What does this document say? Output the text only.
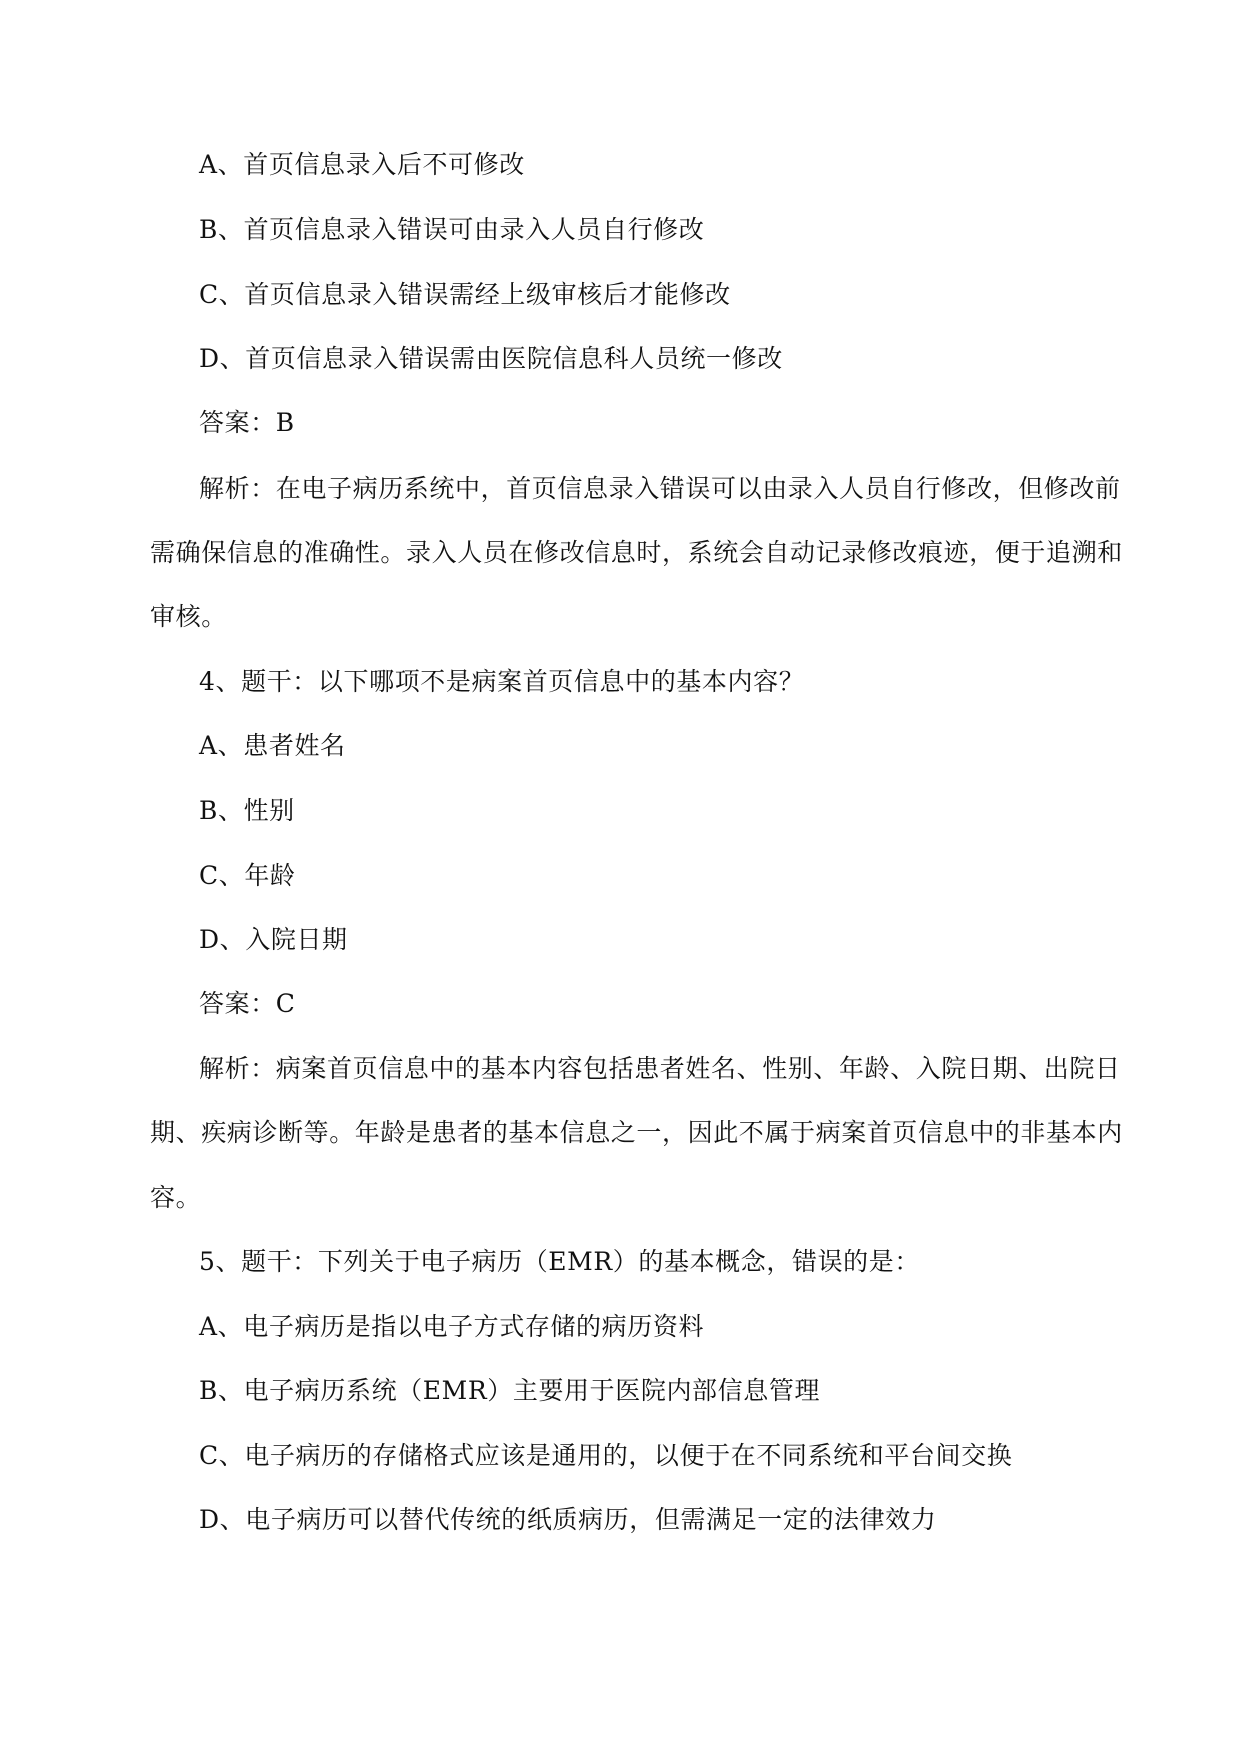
A、首页信息录入后不可修改
B、首页信息录入错误可由录入人员自行修改
C、首页信息录入错误需经上级审核后才能修改
D、首页信息录入错误需由医院信息科人员统一修改
答案：B
解析：在电子病历系统中，首页信息录入错误可以由录入人员自行修改，但修改前
需确保信息的准确性。录入人员在修改信息时，系统会自动记录修改痕迹，便于追溯和
审核。
4、题干：以下哪项不是病案首页信息中的基本内容？
A、患者姓名
B、性别
C、年龄
D、入院日期
答案：C
解析：病案首页信息中的基本内容包括患者姓名、性别、年龄、入院日期、出院日
期、疾病诊断等。年龄是患者的基本信息之一，因此不属于病案首页信息中的非基本内
容。
5、题干：下列关于电子病历（EMR）的基本概念，错误的是：
A、电子病历是指以电子方式存储的病历资料
B、电子病历系统（EMR）主要用于医院内部信息管理
C、电子病历的存储格式应该是通用的，以便于在不同系统和平台间交换
D、电子病历可以替代传统的纸质病历，但需满足一定的法律效力
